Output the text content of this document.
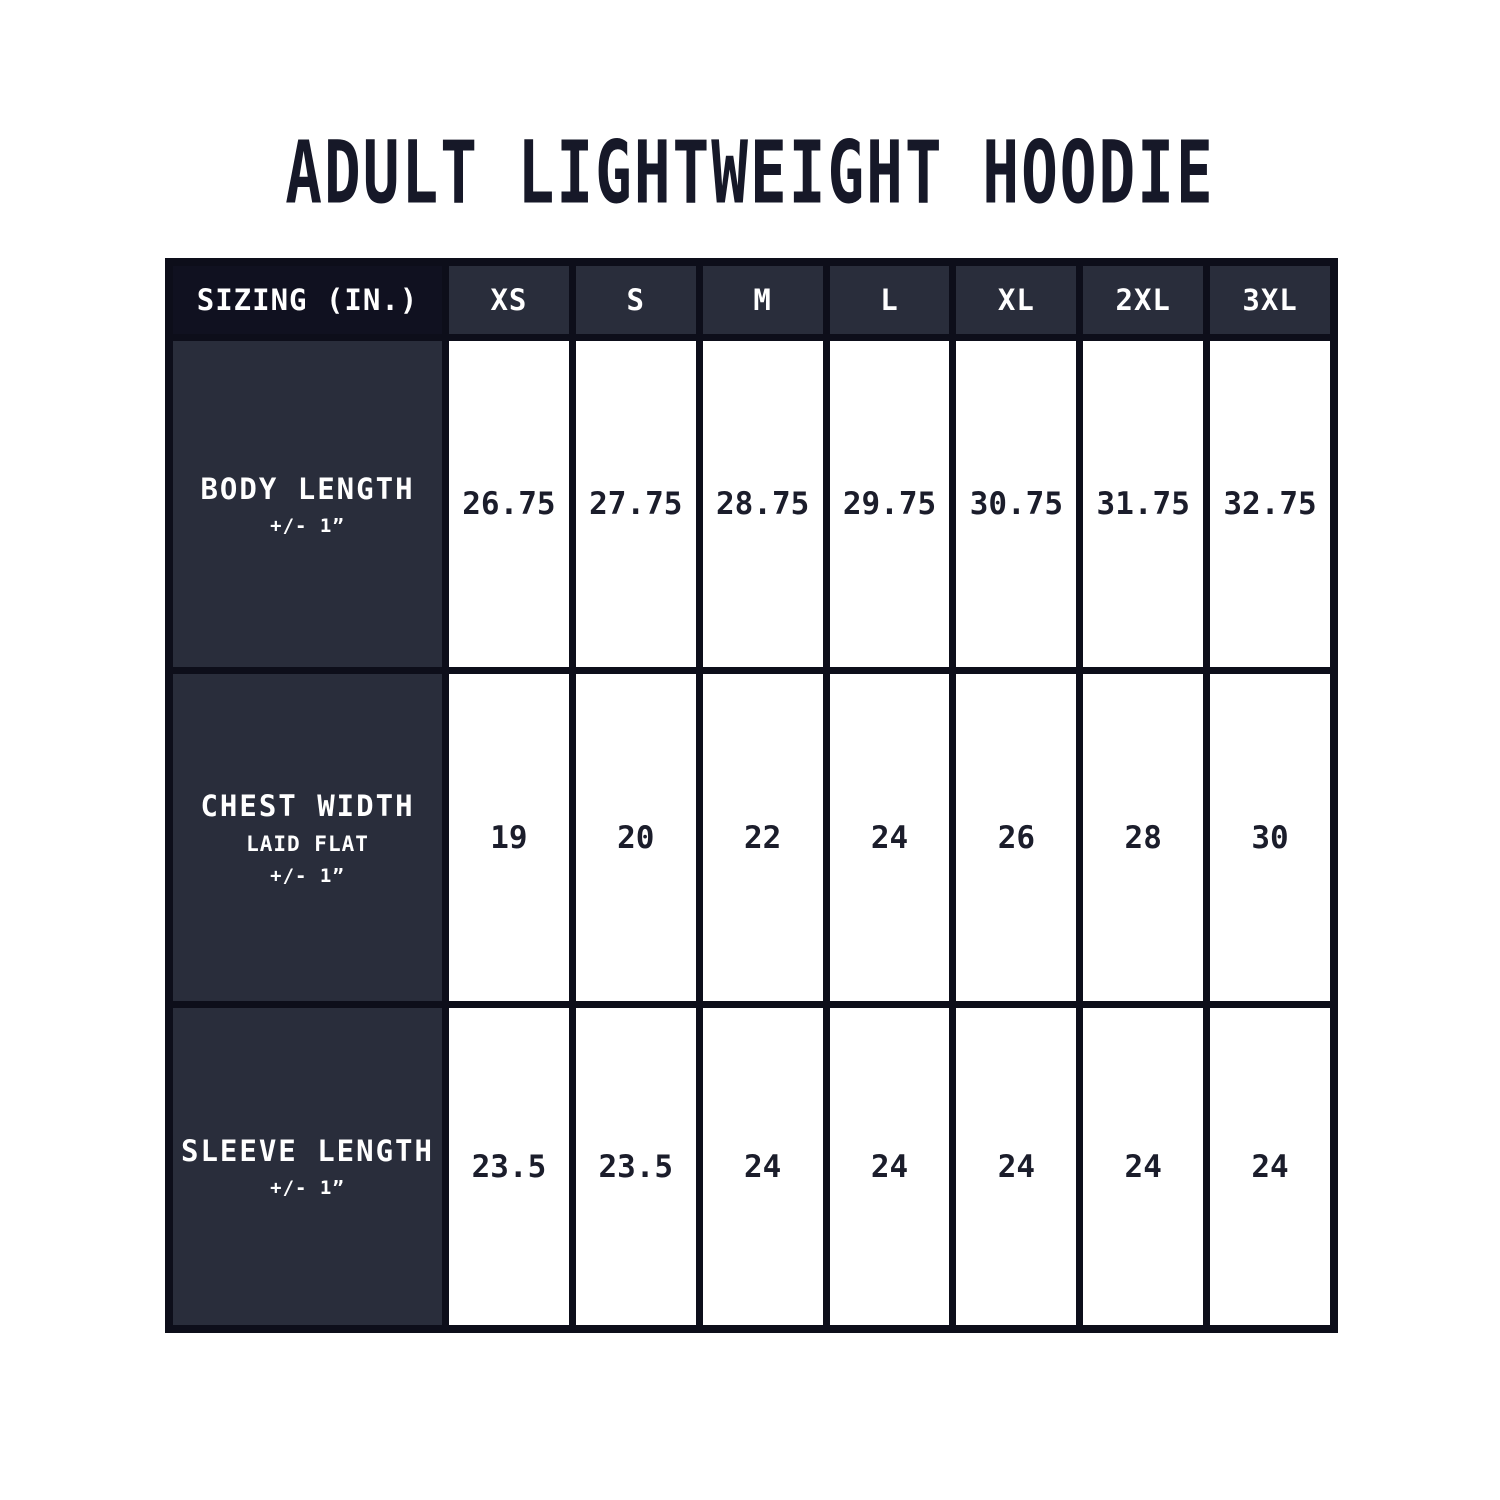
ADULT LIGHTWEIGHT HOODIE
SIZING (IN.)	XS	S	M	L	XL	2XL	3XL
BODY LENGTH
+/- 1”
26.75	27.75	28.75	29.75	30.75	31.75	32.75
CHEST WIDTH
LAID FLAT
+/- 1”
19	20	22	24	26	28	30
SLEEVE LENGTH
+/- 1”
23.5	23.5	24	24	24	24	24
